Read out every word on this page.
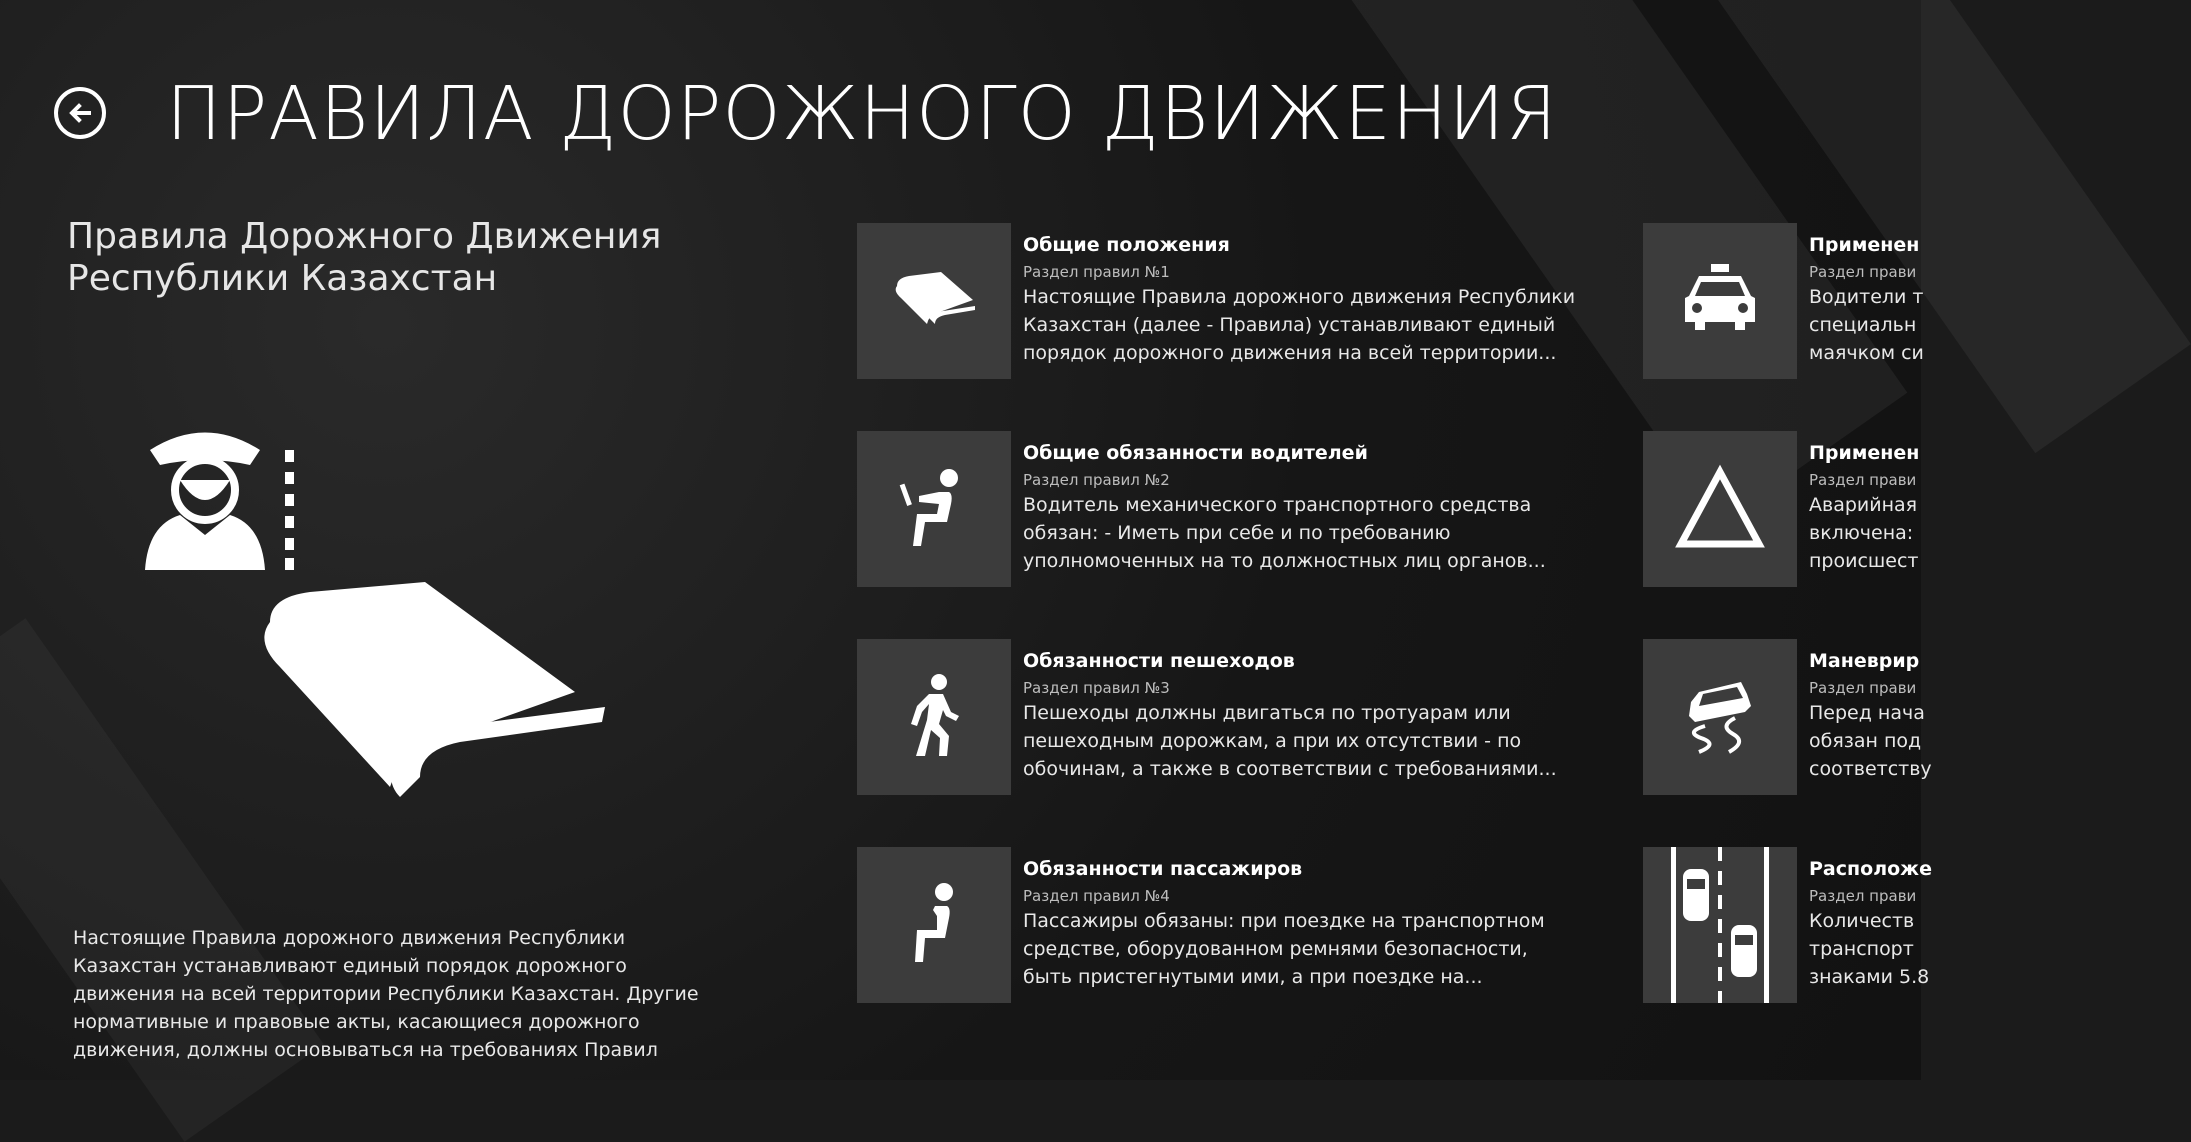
ПРАВИЛА ДОРОЖНОГО ДВИЖЕНИЯ
Правила Дорожного Движения
Республики Казахстан
Настоящие Правила дорожного движения Республики Казахстан устанавливают единый порядок дорожного движения на всей территории Республики Казахстан. Другие нормативные и правовые акты, касающиеся дорожного движения, должны основываться на требованиях Правил
Общие положения
Раздел правил №1
Настоящие Правила дорожного движения Республики
Казахстан (далее - Правила) устанавливают единый
порядок дорожного движения на всей территории...
Общие обязанности водителей
Раздел правил №2
Водитель механического транспортного средства
обязан: - Иметь при себе и по требованию
уполномоченных на то должностных лиц органов...
Обязанности пешеходов
Раздел правил №3
Пешеходы должны двигаться по тротуарам или
пешеходным дорожкам, а при их отсутствии - по
обочинам, а также в соответствии с требованиями...
Обязанности пассажиров
Раздел правил №4
Пассажиры обязаны: при поездке на транспортном
средстве, оборудованном ремнями безопасности,
быть пристегнутыми ими, а при поездке на...
Применен
Раздел прави
Водители т
специальн
маячком си
Применен
Раздел прави
Аварийная
включена:
происшест
Маневрир
Раздел прави
Перед нача
обязан под
соответству
Расположе
Раздел прави
Количеств
транспорт
знаками 5.8
